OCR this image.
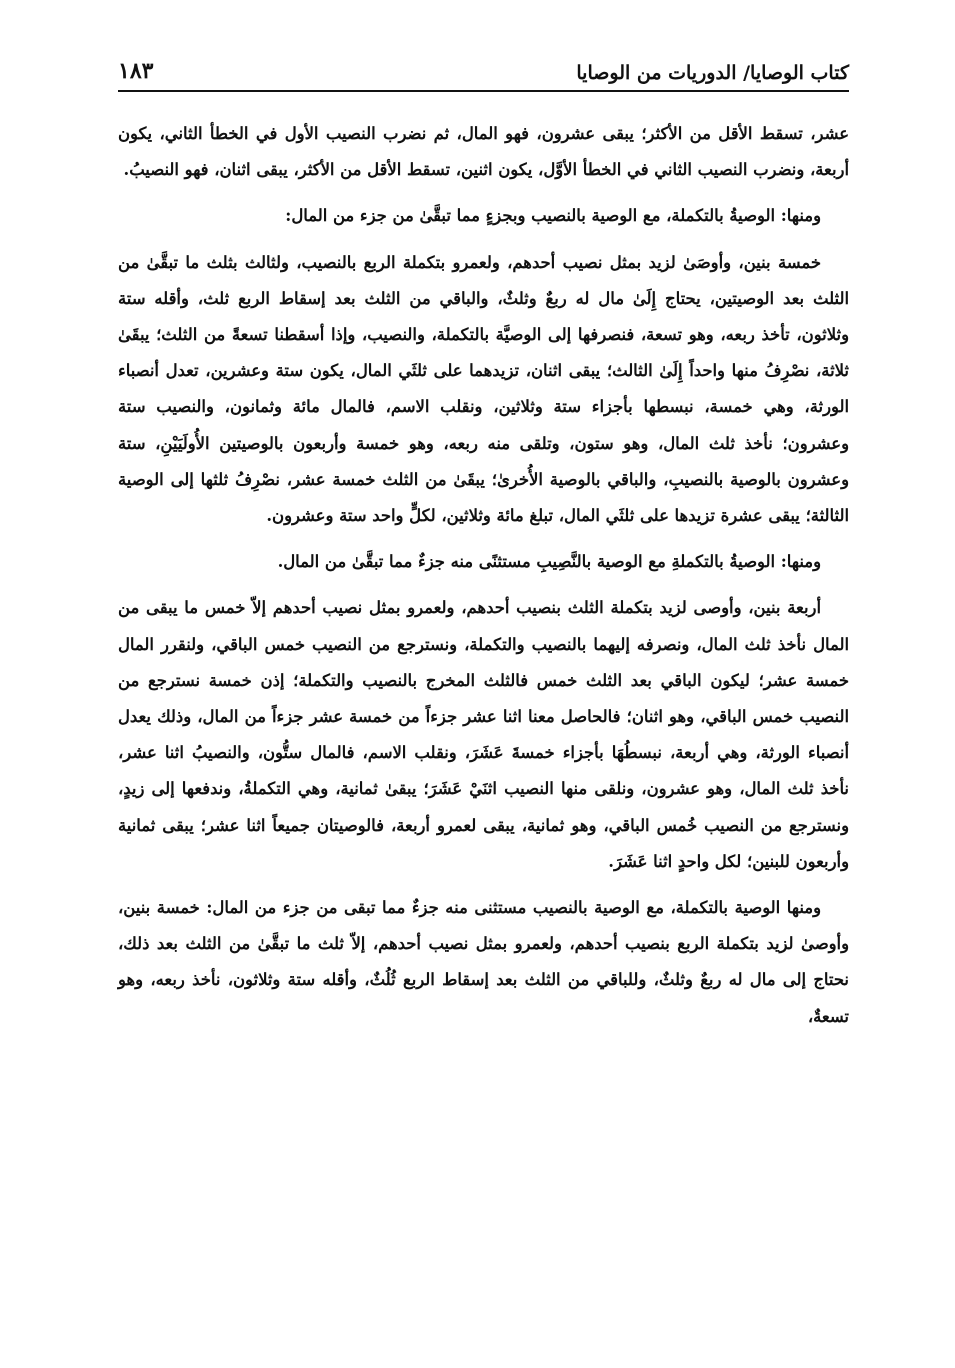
كتاب الوصايا/ الدوريات من الوصايا
١٨٣

عشر، تسقط الأقل من الأكثر؛ يبقى عشرون، فهو المال، ثم نضرب النصيب الأول في الخطأ الثاني، يكون أربعة، ونضرب النصيب الثاني في الخطأ الأوَّل، يكون اثنين، تسقط الأقل من الأكثر، يبقى اثنان، فهو النصيبُ.

ومنها: الوصيةُ بالتكملة، مع الوصية بالنصيب وبجزءٍ مما تبقَّىٰ من جزء من المال:

خمسة بنين، وأوصَىٰ لزيد بمثل نصيب أحدهم، ولعمرو بتكملة الربع بالنصيب، ولثالث بثلث ما تبقَّىٰ من الثلث بعد الوصيتين، يحتاج إِلَىٰ مال له ربعٌ وثلثٌ، والباقي من الثلث بعد إسقاط الربع ثلث، وأقله ستة وثلاثون، تأخذ ربعه، وهو تسعة، فنصرفها إلى الوصيَّة بالتكملة، والنصيب، وإذا أسقطنا تسعةً من الثلث؛ يبقَىٰ ثلاثة، نصْرِفُ منها واحداً إِلَىٰ الثالث؛ يبقى اثنان، تزيدهما على ثلثَي المال، يكون ستة وعشرين، تعدل أنصباء الورثة، وهي خمسة، نبسطها بأجزاء ستة وثلاثين، ونقلب الاسم، فالمال مائة وثمانون، والنصيب ستة وعشرون؛ نأخذ ثلث المال، وهو ستون، وتلقى منه ربعه، وهو خمسة وأربعون بالوصيتين الأُولَيَيْنِ، ستة وعشرون بالوصية بالنصيبِ، والباقي بالوصية الأُخرىٰ؛ يبقَىٰ من الثلث خمسة عشر، نصْرِفُ ثلثها إلى الوصية الثالثة؛ يبقى عشرة تزيدها على ثلثَي المال، تبلغ مائة وثلاثين، لكلٍّ واحد ستة وعشرون.

ومنها: الوصيةُ بالتكملةِ مع الوصية بالنَّصِيبِ مستثنًى منه جزءٌ مما تبقَّىٰ من المال.

أربعة بنين، وأوصى لزيد بتكملة الثلث بنصيب أحدهم، ولعمرو بمثل نصيب أحدهم إلاّ خمس ما يبقى من المال نأخذ ثلث المال، ونصرفه إليهما بالنصيب والتكملة، ونسترجع من النصيب خمس الباقي، ولنقرر المال خمسة عشر؛ ليكون الباقي بعد الثلث خمس فالثلث المخرج بالنصيب والتكملة؛ إذن خمسة نسترجع من النصيب خمس الباقي، وهو اثنان؛ فالحاصل معنا اثنا عشر جزءاً من خمسة عشر جزءاً من المال، وذلك يعدل أنصباء الورثة، وهي أربعة، نبسطُهَا بأجزاء خمسةَ عَشَرَ، ونقلب الاسم، فالمال ستُّون، والنصيبُ اثنا عشر، نأخذ ثلث المال، وهو عشرون، ونلقى منها النصيب اثنَيْ عَشَرَ؛ يبقىٰ ثمانية، وهي التكملةُ، وندفعها إلى زيدٍ، ونسترجع من النصيب خُمس الباقي، وهو ثمانية، يبقى لعمرو أربعة، فالوصيتان جميعاً اثنا عشر؛ يبقى ثمانية وأربعون للبنين؛ لكل واحدٍ اثنا عَشَرَ.

ومنها الوصية بالتكملة، مع الوصية بالنصيب مستثنى منه جزءٌ مما تبقى من جزء من المال: خمسة بنين، وأوصىٰ لزيد بتكملة الربع بنصيب أحدهم، ولعمرو بمثل نصيب أحدهم، إلاّ ثلث ما تبقَّىٰ من الثلث بعد ذلك، نحتاج إلى مال له ربعٌ وثلثٌ، وللباقي من الثلث بعد إسقاط الربع ثُلُثٌ، وأقله ستة وثلاثون، نأخذ ربعه، وهو تسعةٌ،
